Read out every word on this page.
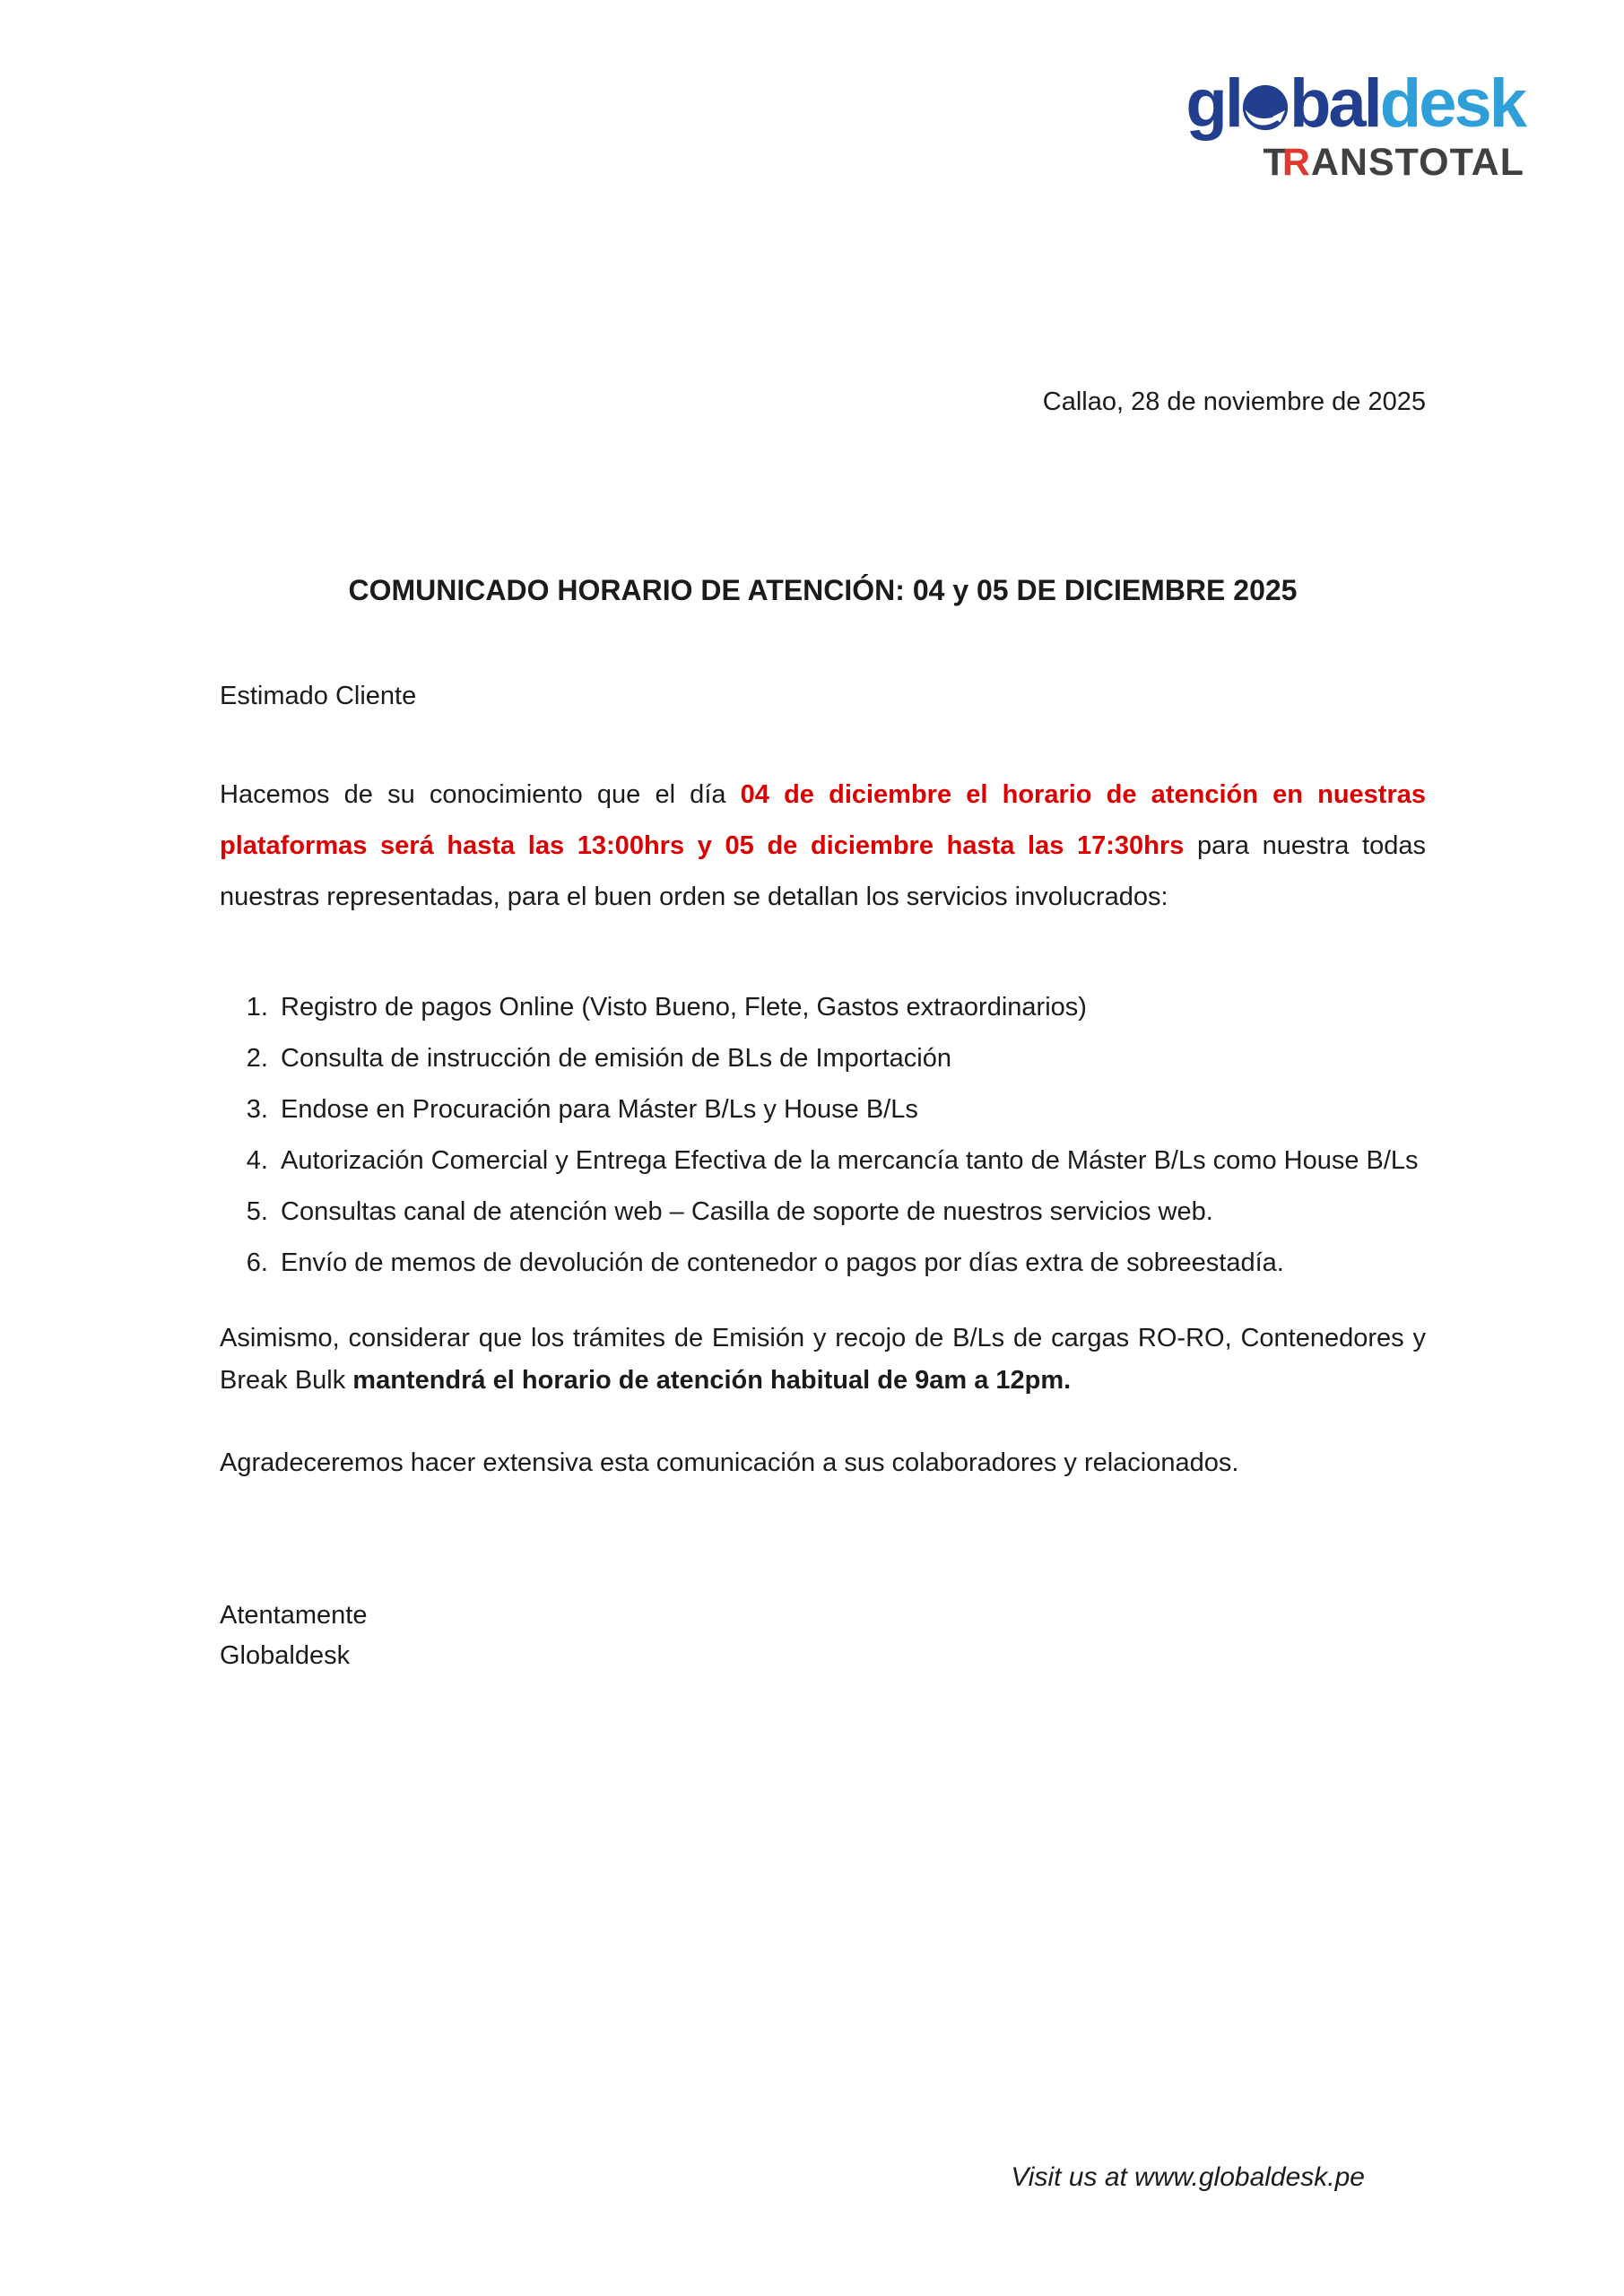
gl baldesk
TRANSTOTAL
Callao, 28 de noviembre de 2025
COMUNICADO HORARIO DE ATENCIÓN: 04 y 05 DE DICIEMBRE 2025
Estimado Cliente

Hacemos de su conocimiento que el día 04 de diciembre el horario de atención en nuestras plataformas será hasta las 13:00hrs y 05 de diciembre hasta las 17:30hrs para nuestra todas nuestras representadas, para el buen orden se detallan los servicios involucrados:

1. Registro de pagos Online (Visto Bueno, Flete, Gastos extraordinarios)
2. Consulta de instrucción de emisión de BLs de Importación
3. Endose en Procuración para Máster B/Ls y House B/Ls
4. Autorización Comercial y Entrega Efectiva de la mercancía tanto de Máster B/Ls como House B/Ls
5. Consultas canal de atención web – Casilla de soporte de nuestros servicios web.
6. Envío de memos de devolución de contenedor o pagos por días extra de sobreestadía.

Asimismo, considerar que los trámites de Emisión y recojo de B/Ls de cargas RO-RO, Contenedores y Break Bulk mantendrá el horario de atención habitual de 9am a 12pm.

Agradeceremos hacer extensiva esta comunicación a sus colaboradores y relacionados.

Atentamente
Globaldesk
Visit us at www.globaldesk.pe
